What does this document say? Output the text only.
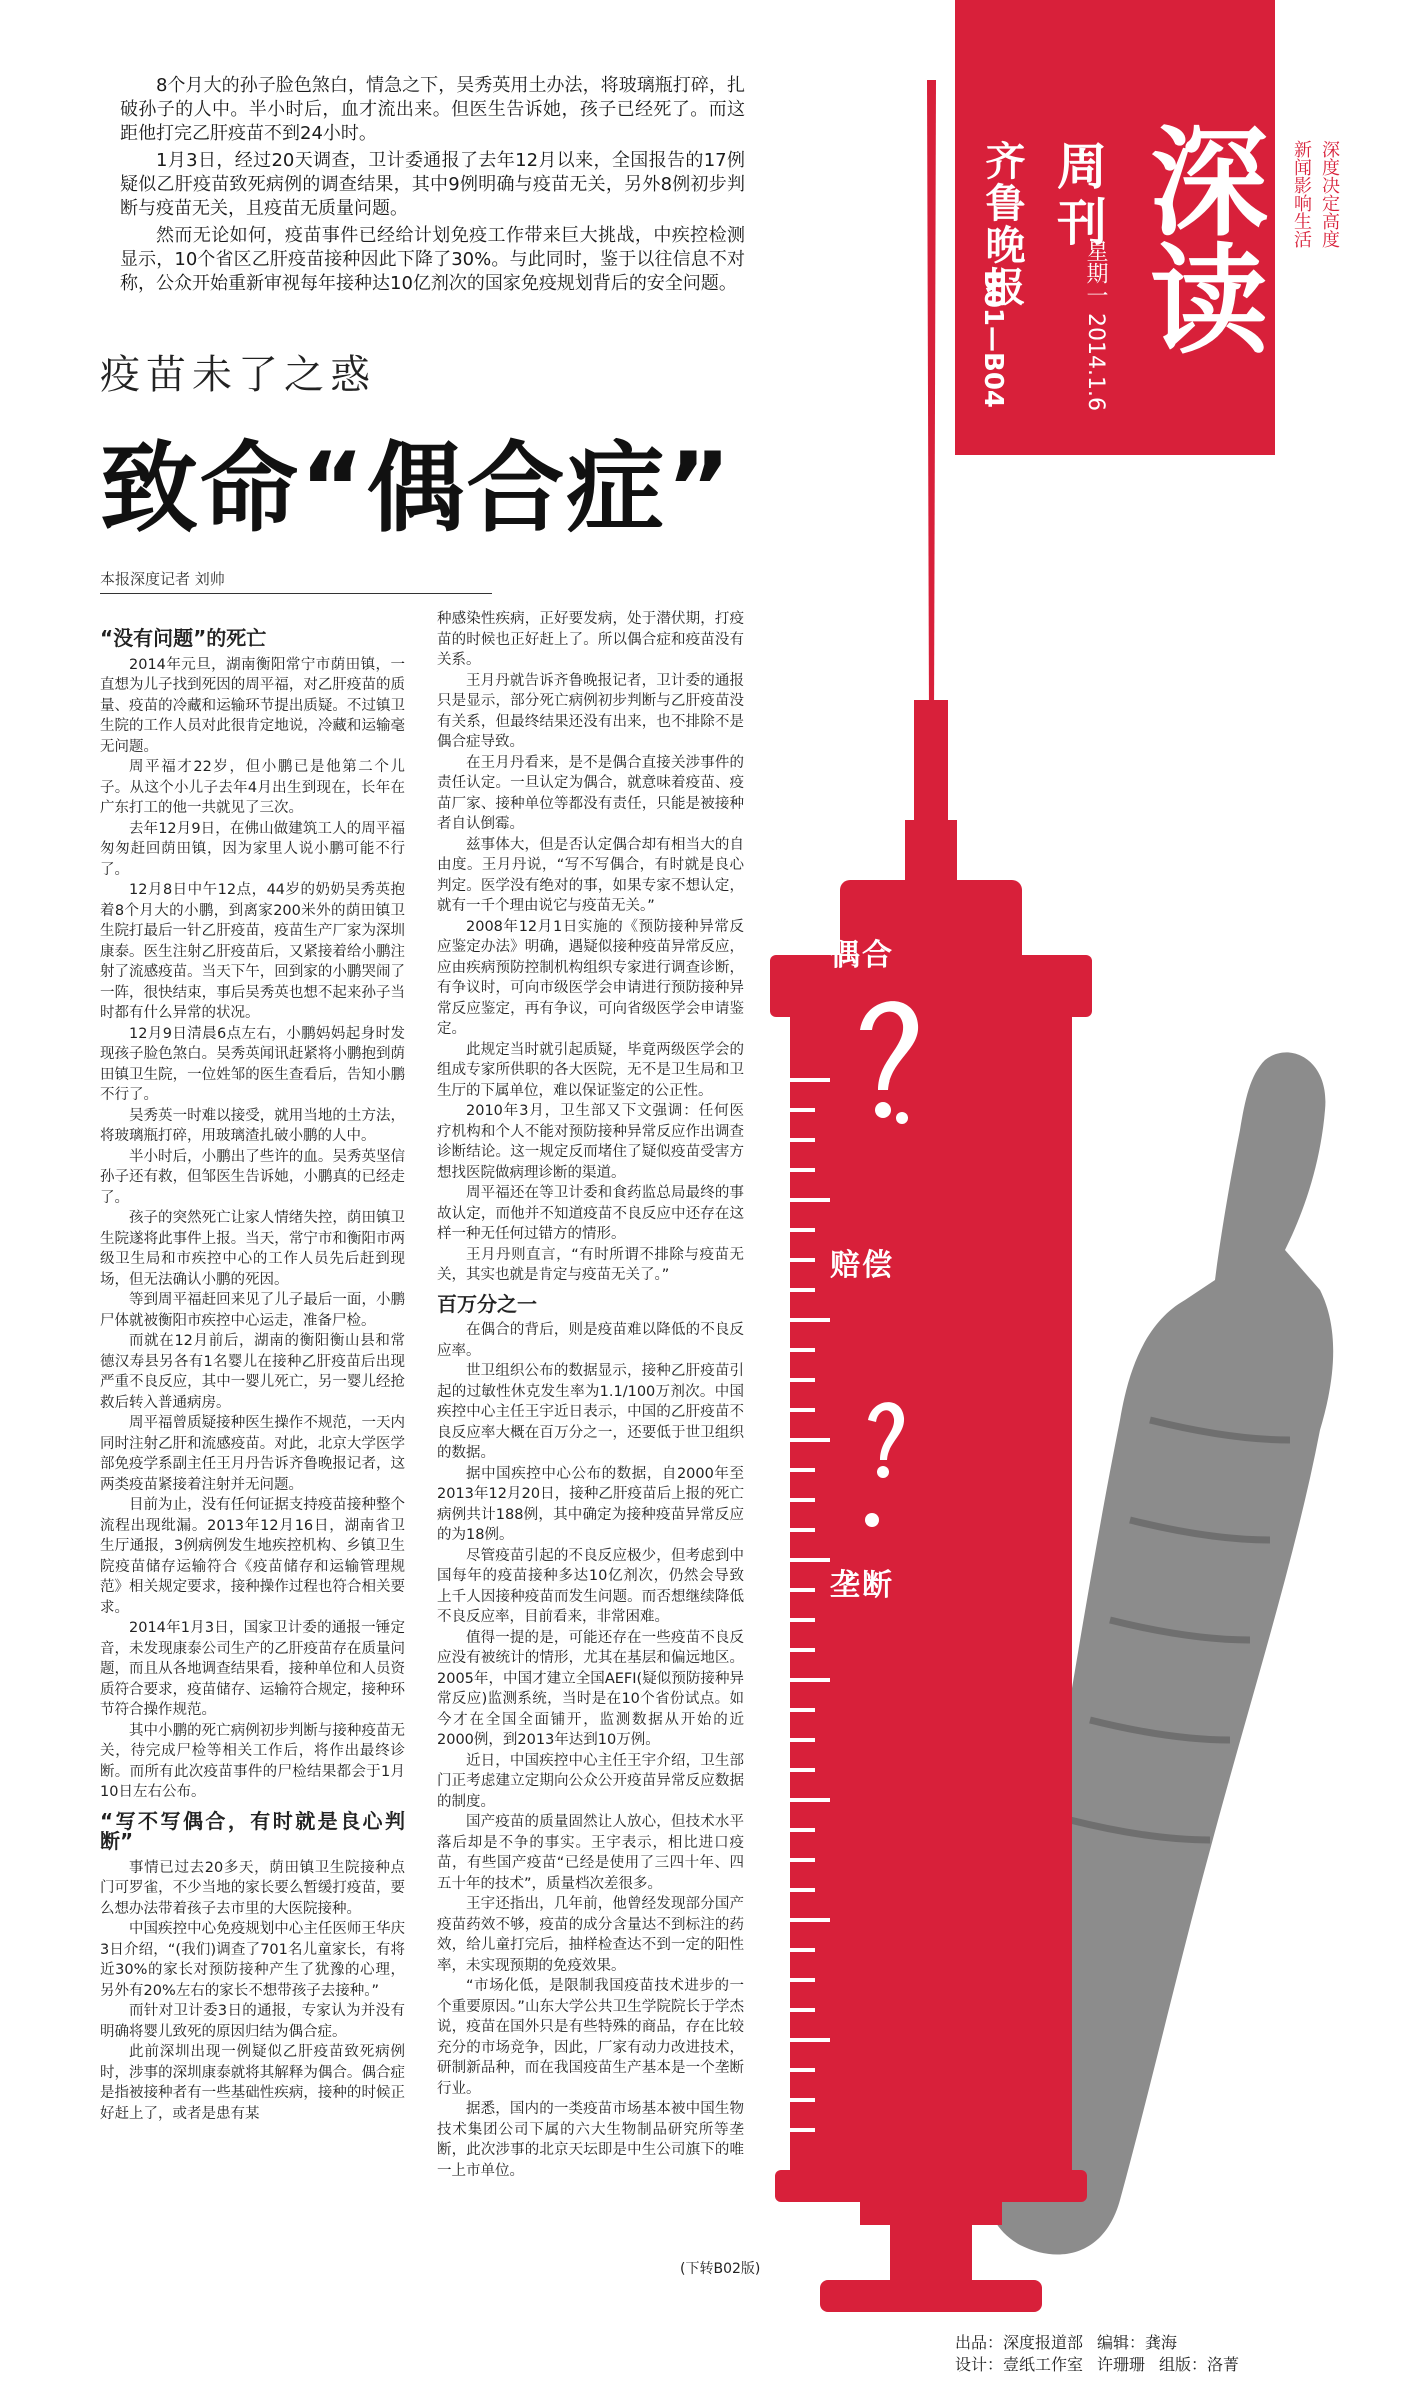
偶合
赔偿
垄断
齐鲁晚报
B01—B04
周刊
星期一 2014.1.6 深读	深度决定高度
新闻影响生活

8个月大的孙子脸色煞白，情急之下，吴秀英用土办法，将玻璃瓶打碎，扎破孙子的人中。半小时后，血才流出来。但医生告诉她，孩子已经死了。而这距他打完乙肝疫苗不到24小时。

1月3日，经过20天调查，卫计委通报了去年12月以来，全国报告的17例疑似乙肝疫苗致死病例的调查结果，其中9例明确与疫苗无关，另外8例初步判断与疫苗无关，且疫苗无质量问题。

然而无论如何，疫苗事件已经给计划免疫工作带来巨大挑战，中疾控检测显示，10个省区乙肝疫苗接种因此下降了30%。与此同时，鉴于以往信息不对称，公众开始重新审视每年接种达10亿剂次的国家免疫规划背后的安全问题。

疫苗未了之惑
致命“偶合症”
本报深度记者 刘帅
“没有问题”的死亡

2014年元旦，湖南衡阳常宁市荫田镇，一直想为儿子找到死因的周平福，对乙肝疫苗的质量、疫苗的冷藏和运输环节提出质疑。不过镇卫生院的工作人员对此很肯定地说，冷藏和运输毫无问题。

周平福才22岁，但小鹏已是他第二个儿子。从这个小儿子去年4月出生到现在，长年在广东打工的他一共就见了三次。

去年12月9日，在佛山做建筑工人的周平福匆匆赶回荫田镇，因为家里人说小鹏可能不行了。

12月8日中午12点，44岁的奶奶吴秀英抱着8个月大的小鹏，到离家200米外的荫田镇卫生院打最后一针乙肝疫苗，疫苗生产厂家为深圳康泰。医生注射乙肝疫苗后，又紧接着给小鹏注射了流感疫苗。当天下午，回到家的小鹏哭闹了一阵，很快结束，事后吴秀英也想不起来孙子当时都有什么异常的状况。

12月9日清晨6点左右，小鹏妈妈起身时发现孩子脸色煞白。吴秀英闻讯赶紧将小鹏抱到荫田镇卫生院，一位姓邹的医生查看后，告知小鹏不行了。

吴秀英一时难以接受，就用当地的土方法，将玻璃瓶打碎，用玻璃渣扎破小鹏的人中。

半小时后，小鹏出了些许的血。吴秀英坚信孙子还有救，但邹医生告诉她，小鹏真的已经走了。

孩子的突然死亡让家人情绪失控，荫田镇卫生院遂将此事件上报。当天，常宁市和衡阳市两级卫生局和市疾控中心的工作人员先后赶到现场，但无法确认小鹏的死因。

等到周平福赶回来见了儿子最后一面，小鹏尸体就被衡阳市疾控中心运走，准备尸检。

而就在12月前后，湖南的衡阳衡山县和常德汉寿县另各有1名婴儿在接种乙肝疫苗后出现严重不良反应，其中一婴儿死亡，另一婴儿经抢救后转入普通病房。

周平福曾质疑接种医生操作不规范，一天内同时注射乙肝和流感疫苗。对此，北京大学医学部免疫学系副主任王月丹告诉齐鲁晚报记者，这两类疫苗紧接着注射并无问题。

目前为止，没有任何证据支持疫苗接种整个流程出现纰漏。2013年12月16日，湖南省卫生厅通报，3例病例发生地疾控机构、乡镇卫生院疫苗储存运输符合《疫苗储存和运输管理规范》相关规定要求，接种操作过程也符合相关要求。

2014年1月3日，国家卫计委的通报一锤定音，未发现康泰公司生产的乙肝疫苗存在质量问题，而且从各地调查结果看，接种单位和人员资质符合要求，疫苗储存、运输符合规定，接种环节符合操作规范。

其中小鹏的死亡病例初步判断与接种疫苗无关，待完成尸检等相关工作后，将作出最终诊断。而所有此次疫苗事件的尸检结果都会于1月10日左右公布。

“写不写偶合，有时就是良心判断”

事情已过去20多天，荫田镇卫生院接种点门可罗雀，不少当地的家长要么暂缓打疫苗，要么想办法带着孩子去市里的大医院接种。

中国疾控中心免疫规划中心主任医师王华庆3日介绍，“(我们)调查了701名儿童家长，有将近30%的家长对预防接种产生了犹豫的心理，另外有20%左右的家长不想带孩子去接种。”

而针对卫计委3日的通报，专家认为并没有明确将婴儿致死的原因归结为偶合症。

此前深圳出现一例疑似乙肝疫苗致死病例时，涉事的深圳康泰就将其解释为偶合。偶合症是指被接种者有一些基础性疾病，接种的时候正好赶上了，或者是患有某

种感染性疾病，正好要发病，处于潜伏期，打疫苗的时候也正好赶上了。所以偶合症和疫苗没有关系。

王月丹就告诉齐鲁晚报记者，卫计委的通报只是显示，部分死亡病例初步判断与乙肝疫苗没有关系，但最终结果还没有出来，也不排除不是偶合症导致。

在王月丹看来，是不是偶合直接关涉事件的责任认定。一旦认定为偶合，就意味着疫苗、疫苗厂家、接种单位等都没有责任，只能是被接种者自认倒霉。

兹事体大，但是否认定偶合却有相当大的自由度。王月丹说，“写不写偶合，有时就是良心判定。医学没有绝对的事，如果专家不想认定，就有一千个理由说它与疫苗无关。”

2008年12月1日实施的《预防接种异常反应鉴定办法》明确，遇疑似接种疫苗异常反应，应由疾病预防控制机构组织专家进行调查诊断，有争议时，可向市级医学会申请进行预防接种异常反应鉴定，再有争议，可向省级医学会申请鉴定。

此规定当时就引起质疑，毕竟两级医学会的组成专家所供职的各大医院，无不是卫生局和卫生厅的下属单位，难以保证鉴定的公正性。

2010年3月，卫生部又下文强调：任何医疗机构和个人不能对预防接种异常反应作出调查诊断结论。这一规定反而堵住了疑似疫苗受害方想找医院做病理诊断的渠道。

周平福还在等卫计委和食药监总局最终的事故认定，而他并不知道疫苗不良反应中还存在这样一种无任何过错方的情形。

王月丹则直言，“有时所谓不排除与疫苗无关，其实也就是肯定与疫苗无关了。”

百万分之一

在偶合的背后，则是疫苗难以降低的不良反应率。

世卫组织公布的数据显示，接种乙肝疫苗引起的过敏性休克发生率为1.1/100万剂次。中国疾控中心主任王宇近日表示，中国的乙肝疫苗不良反应率大概在百万分之一，还要低于世卫组织的数据。

据中国疾控中心公布的数据，自2000年至2013年12月20日，接种乙肝疫苗后上报的死亡病例共计188例，其中确定为接种疫苗异常反应的为18例。

尽管疫苗引起的不良反应极少，但考虑到中国每年的疫苗接种多达10亿剂次，仍然会导致上千人因接种疫苗而发生问题。而否想继续降低不良反应率，目前看来，非常困难。

值得一提的是，可能还存在一些疫苗不良反应没有被统计的情形，尤其在基层和偏远地区。2005年，中国才建立全国AEFI(疑似预防接种异常反应)监测系统，当时是在10个省份试点。如今才在全国全面铺开，监测数据从开始的近2000例，到2013年达到10万例。

近日，中国疾控中心主任王宇介绍，卫生部门正考虑建立定期向公众公开疫苗异常反应数据的制度。

国产疫苗的质量固然让人放心，但技术水平落后却是不争的事实。王宇表示，相比进口疫苗，有些国产疫苗“已经是使用了三四十年、四五十年的技术”，质量档次差很多。

王宇还指出，几年前，他曾经发现部分国产疫苗药效不够，疫苗的成分含量达不到标注的药效，给儿童打完后，抽样检查达不到一定的阳性率，未实现预期的免疫效果。

“市场化低，是限制我国疫苗技术进步的一个重要原因。”山东大学公共卫生学院院长于学杰说，疫苗在国外只是有些特殊的商品，存在比较充分的市场竞争，因此，厂家有动力改进技术，研制新品种，而在我国疫苗生产基本是一个垄断行业。

据悉，国内的一类疫苗市场基本被中国生物技术集团公司下属的六大生物制品研究所等垄断，此次涉事的北京天坛即是中生公司旗下的唯一上市单位。

(下转B02版)
出品：深度报道部 编辑：龚海
设计：壹纸工作室 许珊珊 组版：洛菁
